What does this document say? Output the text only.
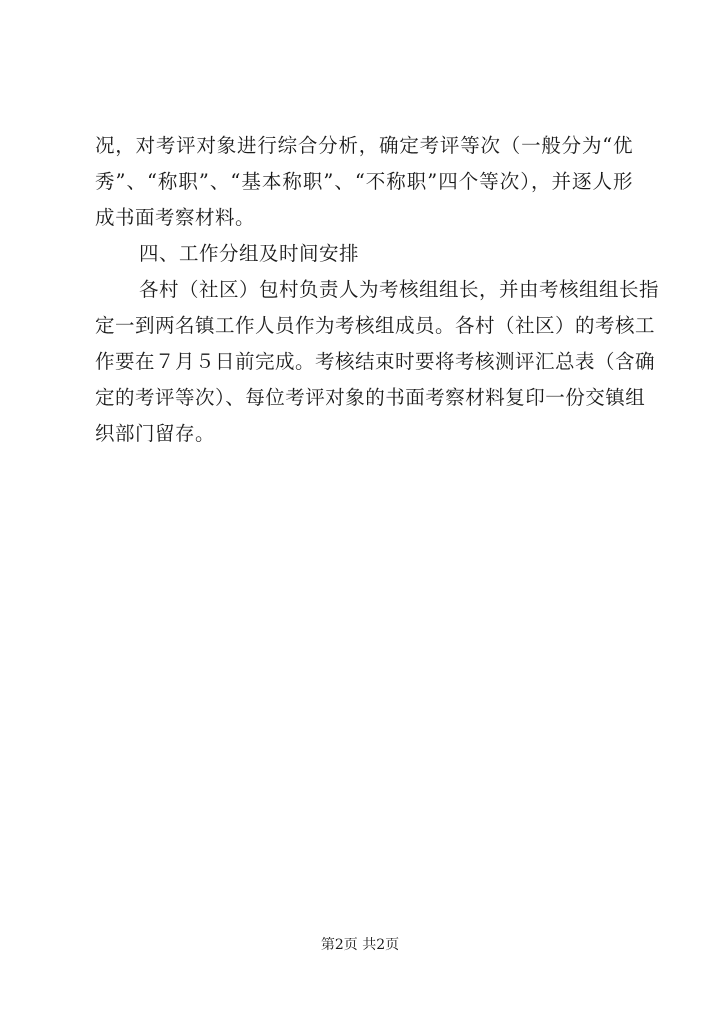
况，对考评对象进行综合分析，确定考评等次（一般分为“优
秀”、“称职”、“基本称职”、“不称职”四个等次），并逐人形
成书面考察材料。
四、工作分组及时间安排
各村（社区）包村负责人为考核组组长，并由考核组组长指
定一到两名镇工作人员作为考核组成员。各村（社区）的考核工
作要在７月５日前完成。考核结束时要将考核测评汇总表（含确
定的考评等次）、每位考评对象的书面考察材料复印一份交镇组
织部门留存。
第2页 共2页
